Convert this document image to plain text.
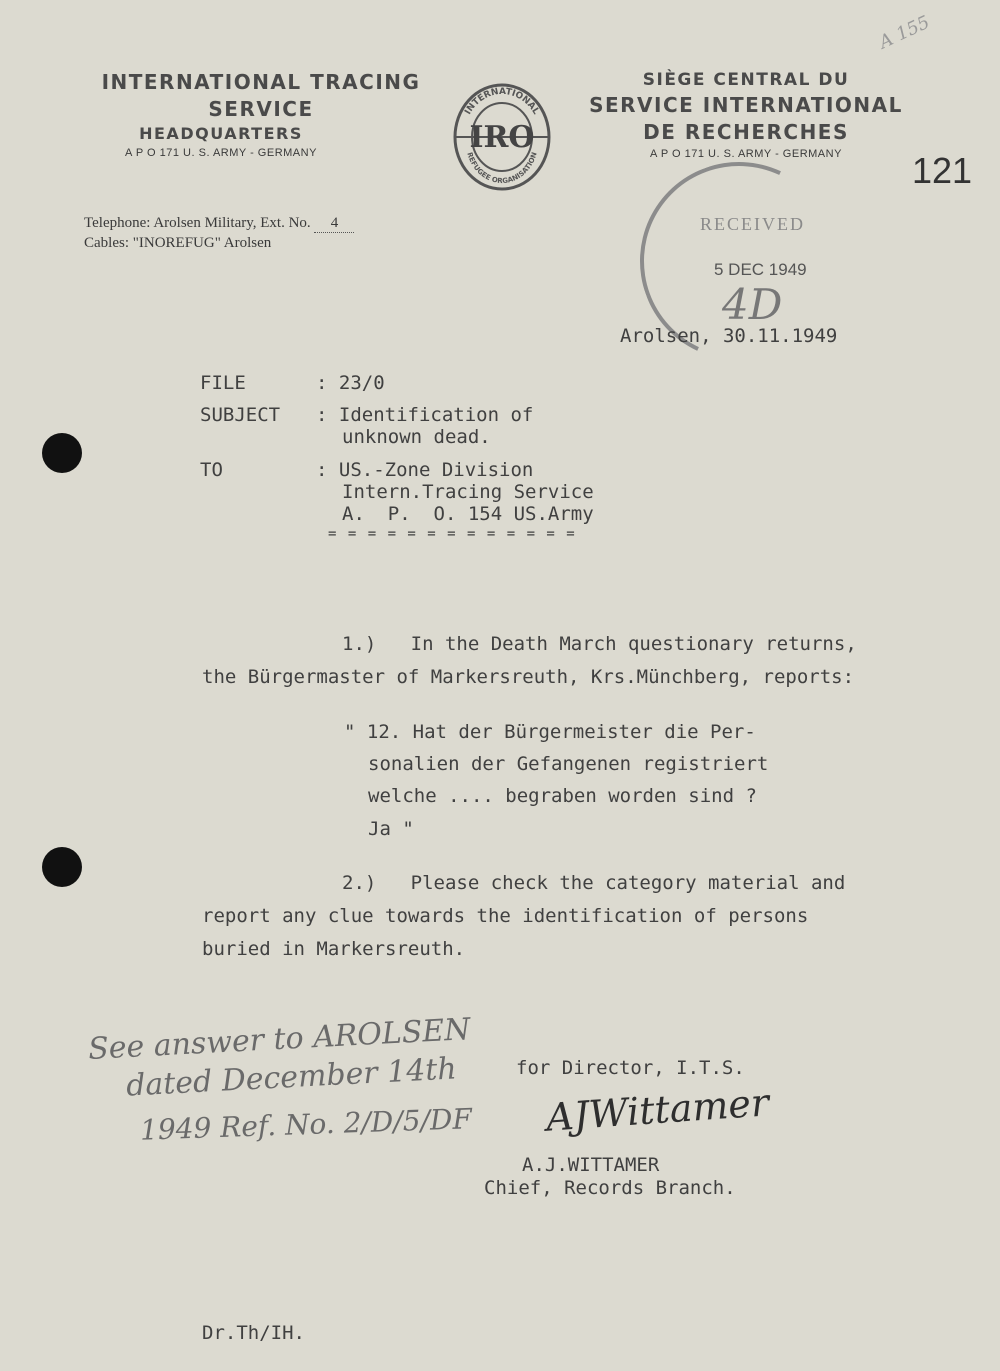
INTERNATIONAL TRACING
SERVICE
HEADQUARTERS
A P O 171 U. S. ARMY - GERMANY
INTERNATIONAL
REFUGEE ORGANISATION
IRO
SIÈGE CENTRAL DU
SERVICE INTERNATIONAL
DE RECHERCHES
A P O 171 U. S. ARMY - GERMANY
A 155
121
Telephone: Arolsen Military, Ext. No. 4
Cables: "INOREFUG" Arolsen
RECEIVED
5 DEC 1949
4D
Arolsen, 30.11.1949
FILE	: 23/0
SUBJECT : Identification of
unknown dead.
TO	: US.-Zone Division
Intern.Tracing Service
A.  P.  O. 154 US.Army
= = = = = = = = = = = = =
1.)   In the Death March questionary returns,
the Bürgermaster of Markersreuth, Krs.Münchberg, reports:
" 12. Hat der Bürgermeister die Per-
sonalien der Gefangenen registriert
welche .... begraben worden sind ?
Ja "
2.)   Please check the category material and
report any clue towards the identification of persons
buried in Markersreuth.
See answer to AROLSEN
dated December 14th
1949 Ref. No. 2/D/5/DF
for Director, I.T.S.
AJWittamer
A.J.WITTAMER
Chief, Records Branch.
Dr.Th/IH.
